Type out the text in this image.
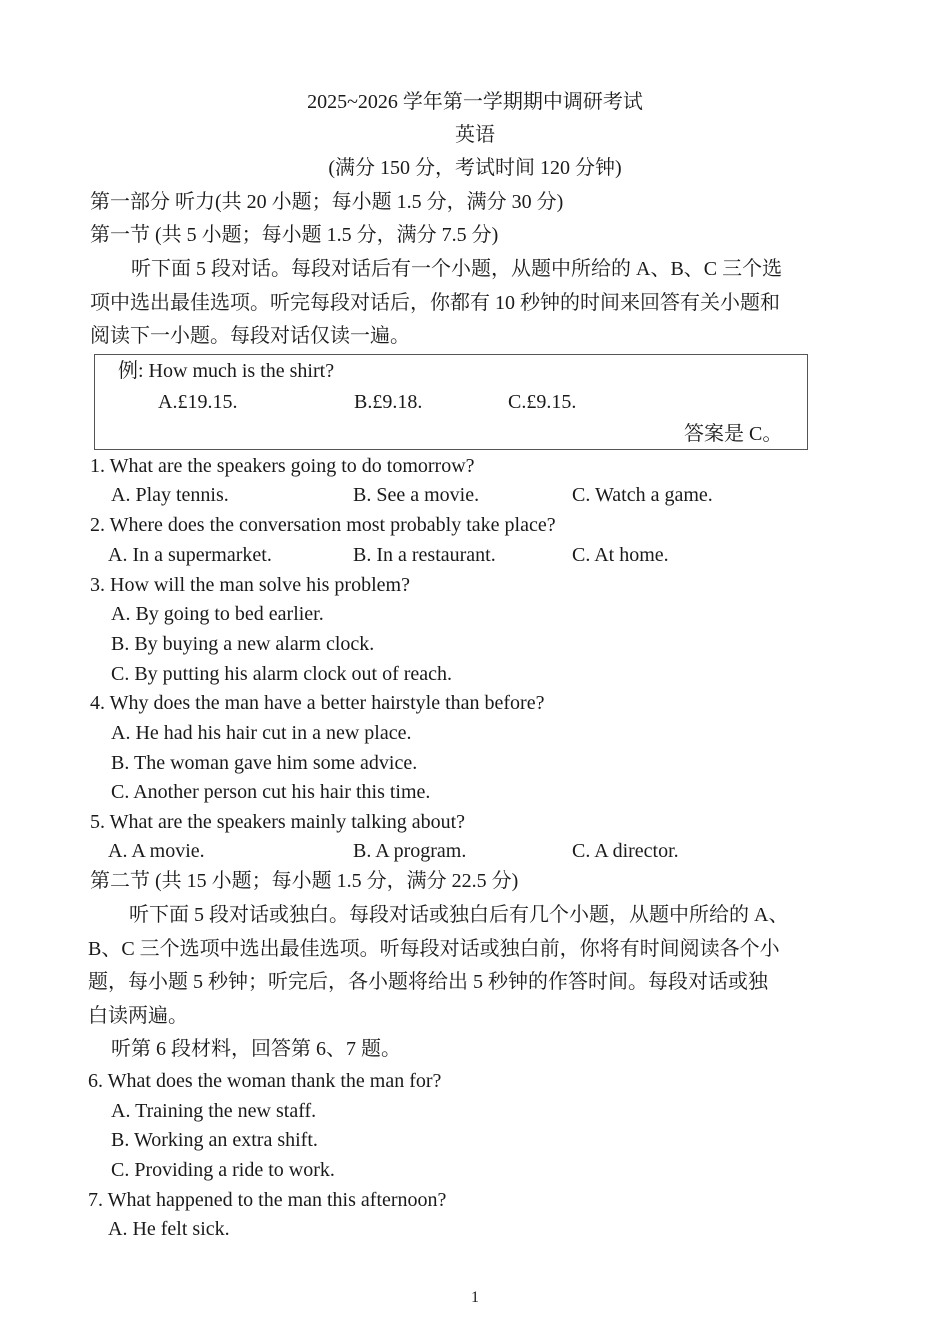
2025~2026 学年第一学期期中调研考试
英语
(满分 150 分，考试时间 120 分钟)
第一部分 听力(共 20 小题；每小题 1.5 分，满分 30 分)
第一节 (共 5 小题；每小题 1.5 分，满分 7.5 分)
听下面 5 段对话。每段对话后有一个小题，从题中所给的 A、B、C 三个选
项中选出最佳选项。听完每段对话后，你都有 10 秒钟的时间来回答有关小题和
阅读下一小题。每段对话仅读一遍。
例: How much is the shirt?
A.£19.15.	B.£9.18.	C.£9.15.
答案是 C。
1. What are the speakers going to do tomorrow?
A. Play tennis.	B. See a movie.	C. Watch a game.
2. Where does the conversation most probably take place?
A. In a supermarket.	B. In a restaurant.	C. At home.
3. How will the man solve his problem?
A. By going to bed earlier.
B. By buying a new alarm clock.
C. By putting his alarm clock out of reach.
4. Why does the man have a better hairstyle than before?
A. He had his hair cut in a new place.
B. The woman gave him some advice.
C. Another person cut his hair this time.
5. What are the speakers mainly talking about?
A. A movie.	B. A program.	C. A director.
第二节 (共 15 小题；每小题 1.5 分，满分 22.5 分)
听下面 5 段对话或独白。每段对话或独白后有几个小题，从题中所给的 A、
B、C 三个选项中选出最佳选项。听每段对话或独白前，你将有时间阅读各个小
题，每小题 5 秒钟；听完后，各小题将给出 5 秒钟的作答时间。每段对话或独
白读两遍。
听第 6 段材料，回答第 6、7 题。
6. What does the woman thank the man for?
A. Training the new staff.
B. Working an extra shift.
C. Providing a ride to work.
7. What happened to the man this afternoon?
A. He felt sick.
1
